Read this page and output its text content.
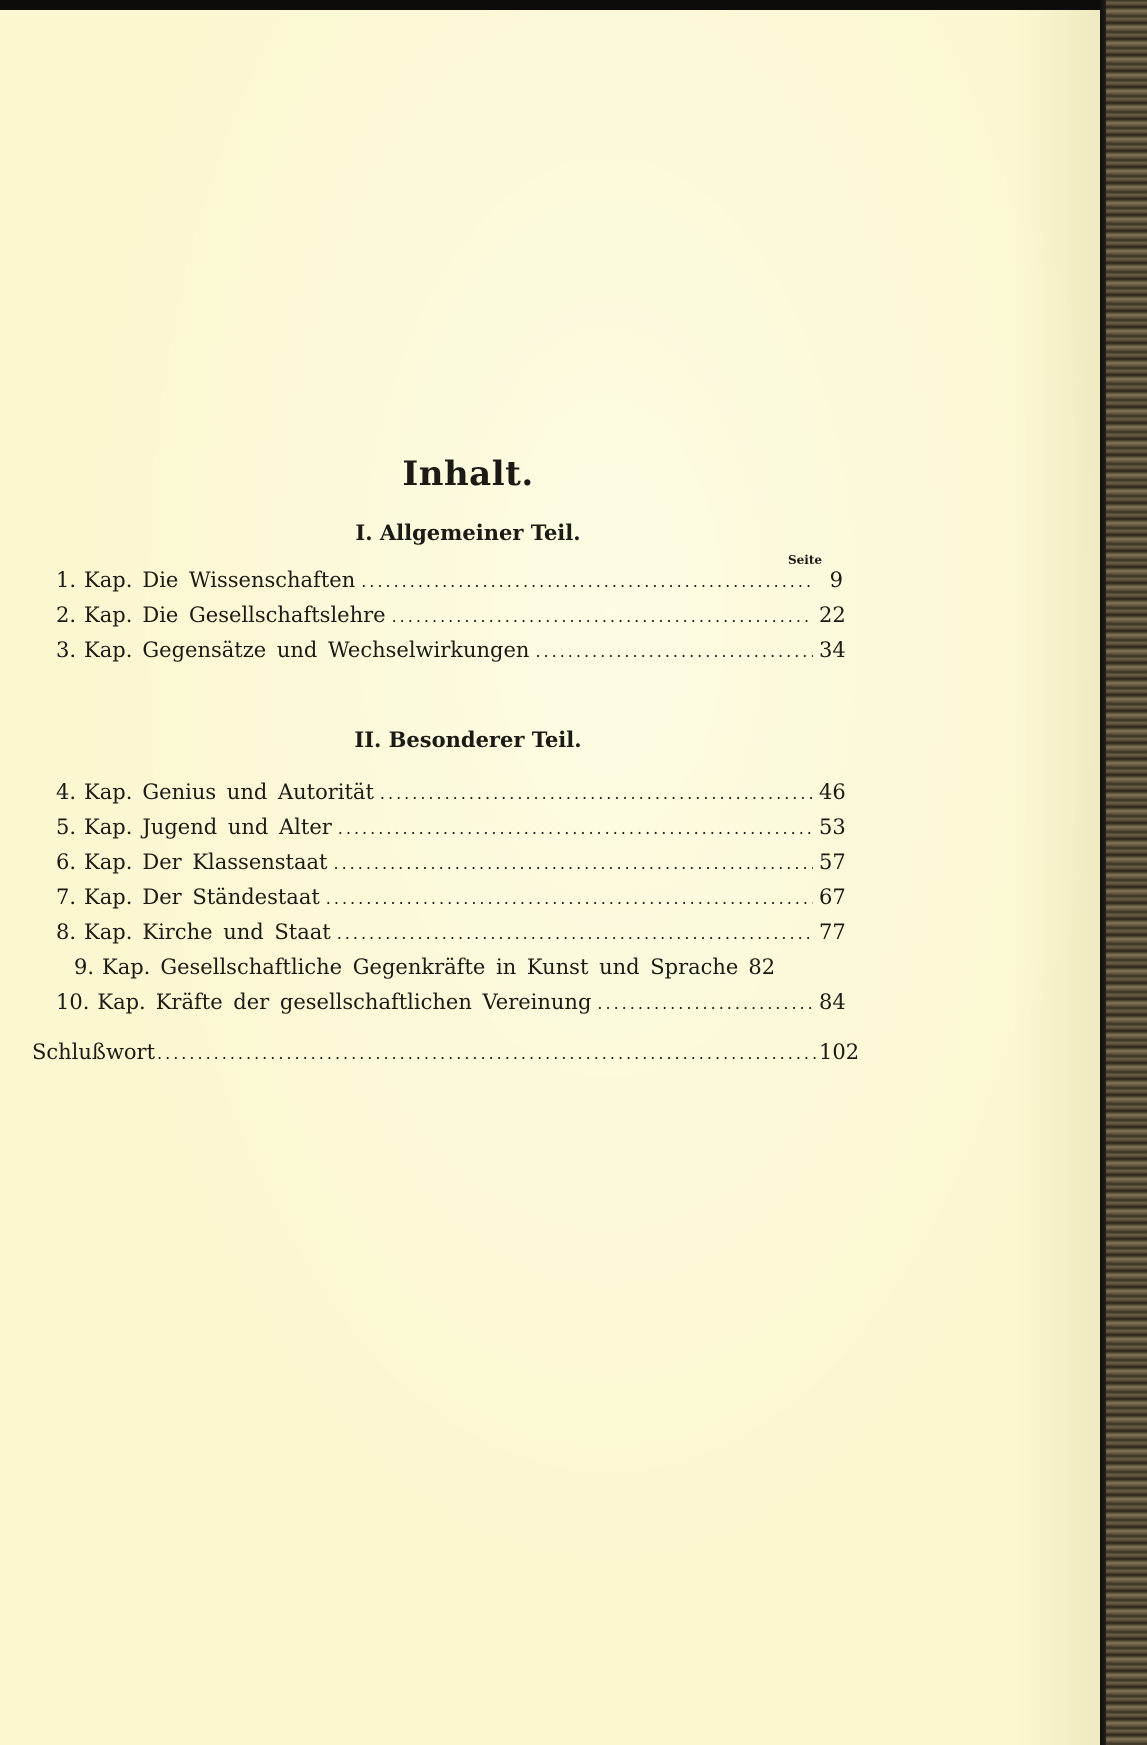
Inhalt.
I. Allgemeiner Teil.
Seite
1. Kap. Die Wissenschaften .....	9
2. Kap. Die Gesellschaftslehre .....	22
3. Kap. Gegensätze und Wechselwirkungen .....	34
II. Besonderer Teil.
4. Kap. Genius und Autorität .....	46
5. Kap. Jugend und Alter .....	53
6. Kap. Der Klassenstaat .....	57
7. Kap. Der Ständestaat .....	67
8. Kap. Kirche und Staat .....	77
9. Kap. Gesellschaftliche Gegenkräfte in Kunst und Sprache 82
10. Kap. Kräfte der gesellschaftlichen Vereinung .....	84
Schlußwort .....	102
